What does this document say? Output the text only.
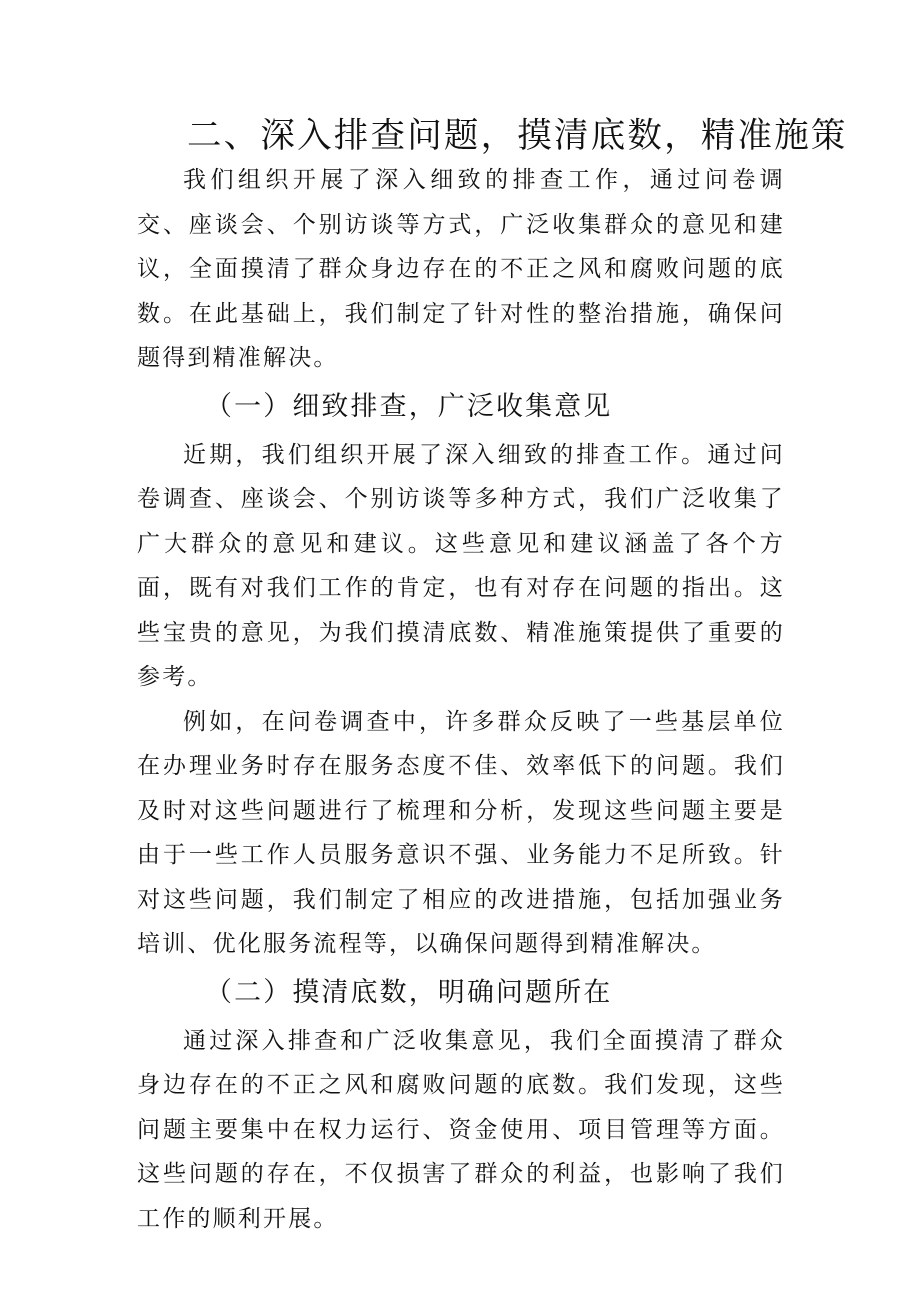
二、深入排查问题，摸清底数，精准施策

我们组织开展了深入细致的排查工作，通过问卷调交、座谈会、个别访谈等方式，广泛收集群众的意见和建议，全面摸清了群众身边存在的不正之风和腐败问题的底数。在此基础上，我们制定了针对性的整治措施，确保问题得到精准解决。

（一）细致排查，广泛收集意见

近期，我们组织开展了深入细致的排查工作。通过问卷调查、座谈会、个别访谈等多种方式，我们广泛收集了广大群众的意见和建议。这些意见和建议涵盖了各个方面，既有对我们工作的肯定，也有对存在问题的指出。这些宝贵的意见，为我们摸清底数、精准施策提供了重要的参考。

例如，在问卷调查中，许多群众反映了一些基层单位在办理业务时存在服务态度不佳、效率低下的问题。我们及时对这些问题进行了梳理和分析，发现这些问题主要是由于一些工作人员服务意识不强、业务能力不足所致。针对这些问题，我们制定了相应的改进措施，包括加强业务培训、优化服务流程等，以确保问题得到精准解决。

（二）摸清底数，明确问题所在

通过深入排查和广泛收集意见，我们全面摸清了群众身边存在的不正之风和腐败问题的底数。我们发现，这些问题主要集中在权力运行、资金使用、项目管理等方面。这些问题的存在，不仅损害了群众的利益，也影响了我们工作的顺利开展。
